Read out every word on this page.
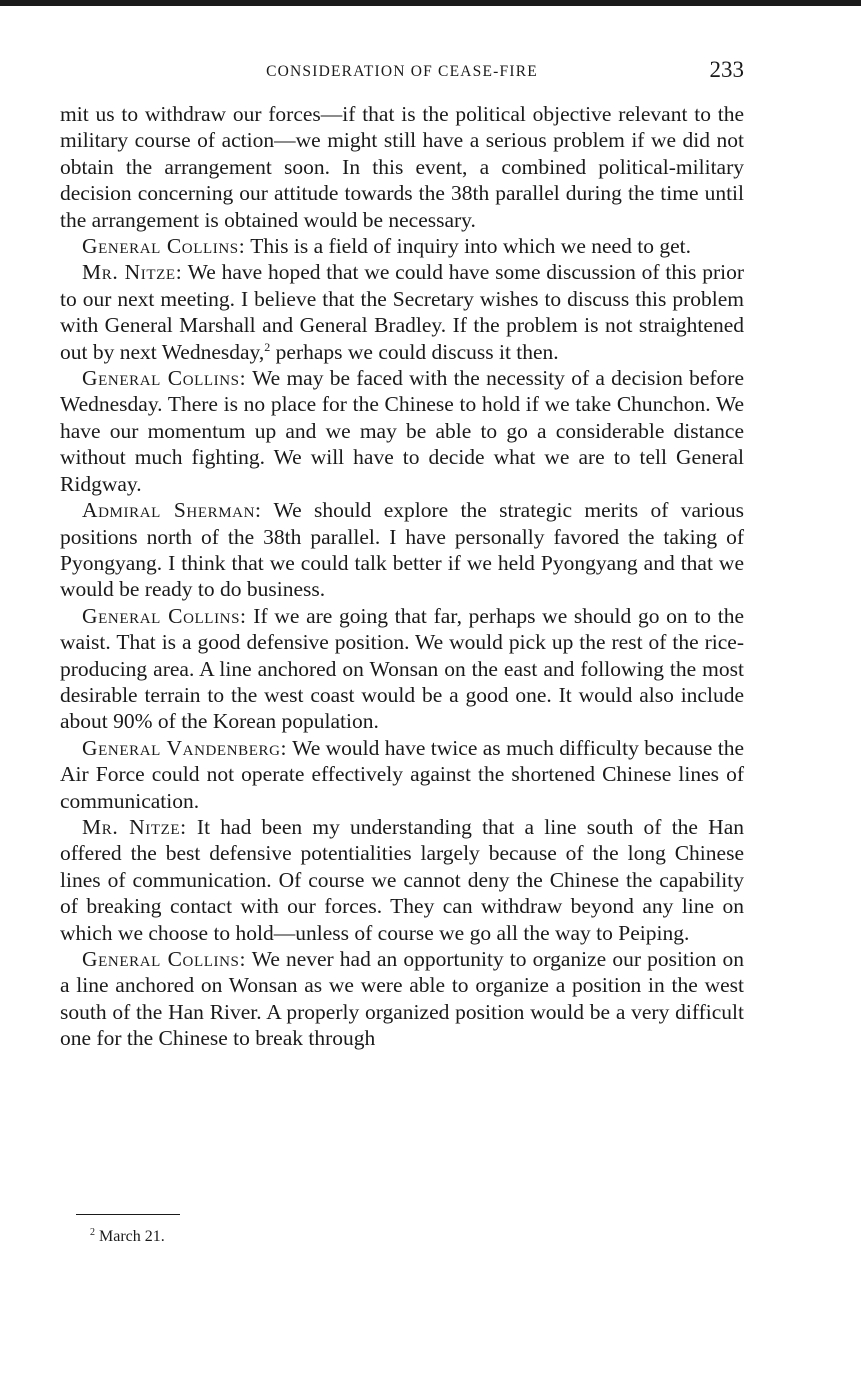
CONSIDERATION OF CEASE-FIRE	233

mit us to withdraw our forces—if that is the political objective relevant to the military course of action—we might still have a serious problem if we did not obtain the arrangement soon. In this event, a combined political-military decision concerning our attitude towards the 38th parallel during the time until the arrangement is obtained would be necessary.

General Collins: This is a field of inquiry into which we need to get.

Mr. Nitze: We have hoped that we could have some discussion of this prior to our next meeting. I believe that the Secretary wishes to discuss this problem with General Marshall and General Bradley. If the problem is not straightened out by next Wednesday,$^2$ perhaps we could discuss it then.

General Collins: We may be faced with the necessity of a decision before Wednesday. There is no place for the Chinese to hold if we take Chunchon. We have our momentum up and we may be able to go a considerable distance without much fighting. We will have to decide what we are to tell General Ridgway.

Admiral Sherman: We should explore the strategic merits of various positions north of the 38th parallel. I have personally favored the taking of Pyongyang. I think that we could talk better if we held Pyongyang and that we would be ready to do business.

General Collins: If we are going that far, perhaps we should go on to the waist. That is a good defensive position. We would pick up the rest of the rice-producing area. A line anchored on Wonsan on the east and following the most desirable terrain to the west coast would be a good one. It would also include about 90% of the Korean population.

General Vandenberg: We would have twice as much difficulty because the Air Force could not operate effectively against the shortened Chinese lines of communication.

Mr. Nitze: It had been my understanding that a line south of the Han offered the best defensive potentialities largely because of the long Chinese lines of communication. Of course we cannot deny the Chinese the capability of breaking contact with our forces. They can withdraw beyond any line on which we choose to hold—unless of course we go all the way to Peiping.

General Collins: We never had an opportunity to organize our position on a line anchored on Wonsan as we were able to organize a position in the west south of the Han River. A properly organized position would be a very difficult one for the Chinese to break through

$^2$ March 21.
